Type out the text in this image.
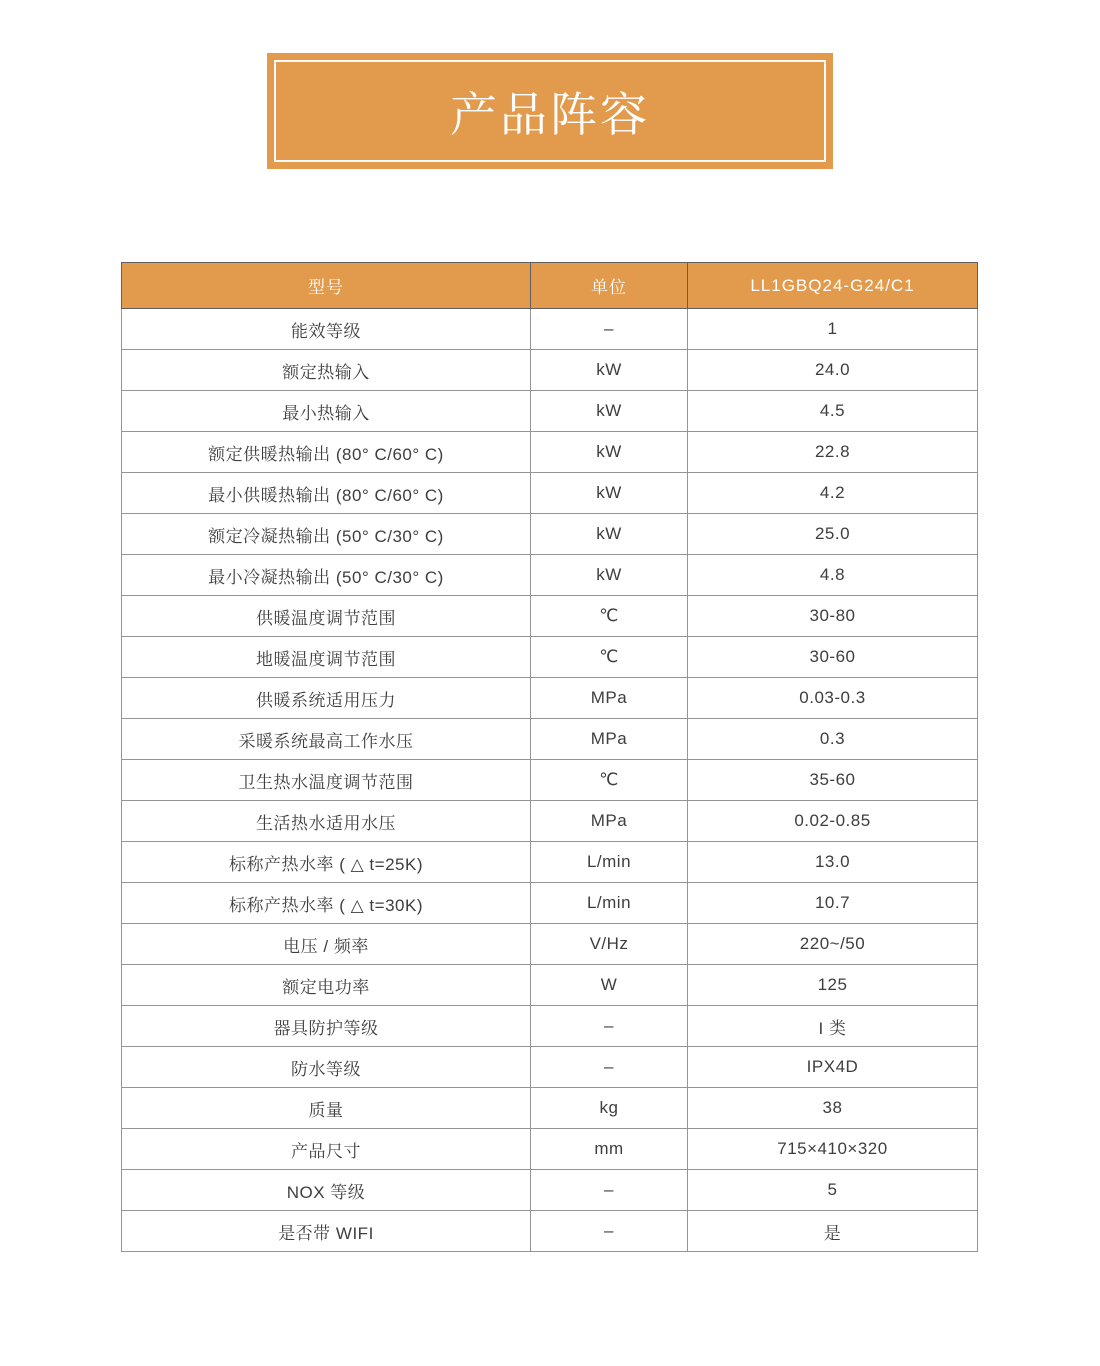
产品阵容
型号	单位	LL1GBQ24-G24/C1
能效等级	–	1
额定热输入	kW	24.0
最小热输入	kW	4.5
额定供暖热输出 (80° C/60° C)	kW	22.8
最小供暖热输出 (80° C/60° C)	kW	4.2
额定冷凝热输出 (50° C/30° C)	kW	25.0
最小冷凝热输出 (50° C/30° C)	kW	4.8
供暖温度调节范围	℃	30-80
地暖温度调节范围	℃	30-60
供暖系统适用压力	MPa	0.03-0.3
采暖系统最高工作水压	MPa	0.3
卫生热水温度调节范围	℃	35-60
生活热水适用水压	MPa	0.02-0.85
标称产热水率 ( △ t=25K)	L/min	13.0
标称产热水率 ( △ t=30K)	L/min	10.7
电压 / 频率	V/Hz	220~/50
额定电功率	W	125
器具防护等级	–	I 类
防水等级	–	IPX4D
质量	kg	38
产品尺寸	mm	715×410×320
NOX 等级	–	5
是否带 WIFI	–	是
